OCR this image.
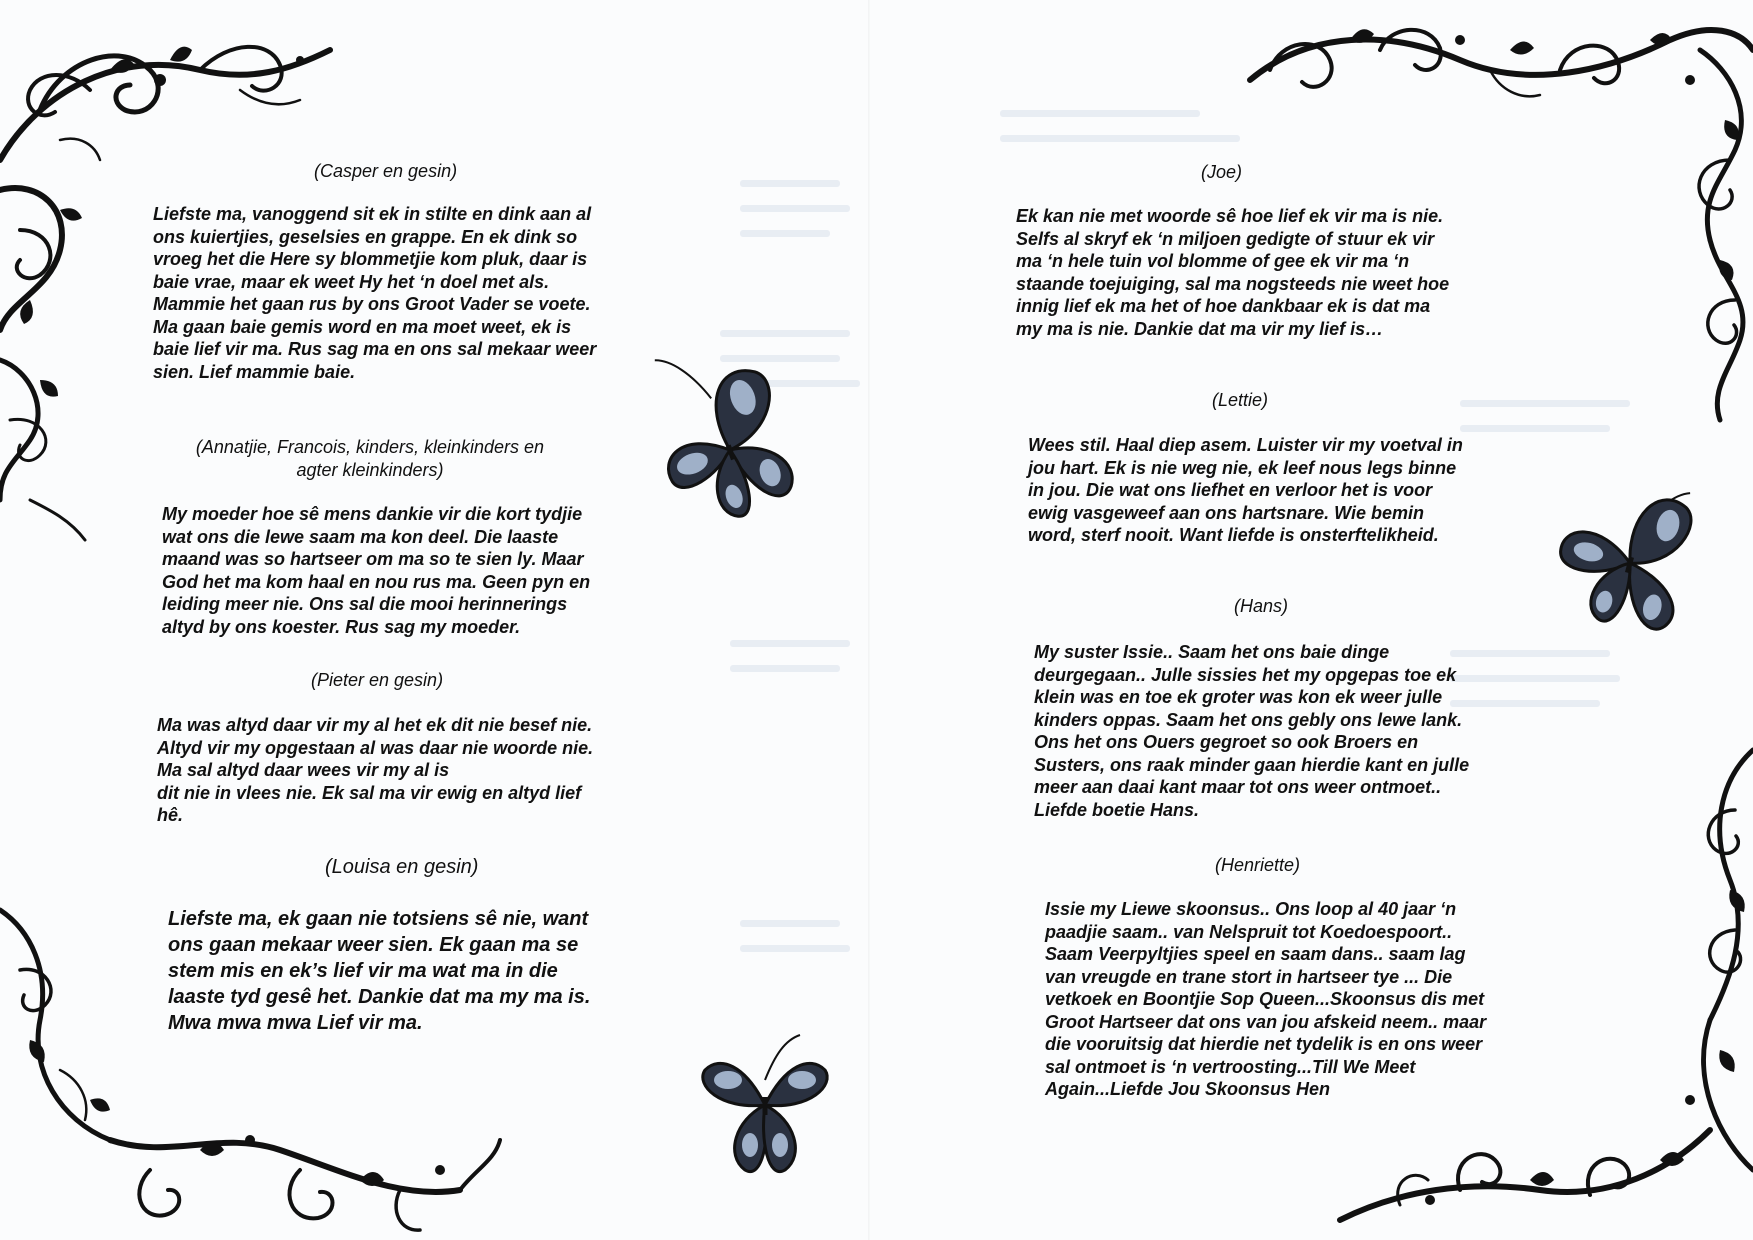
(Casper en gesin)

Liefste ma, vanoggend sit ek in stilte en dink aan al
ons kuiertjies, geselsies en grappe. En ek dink so
vroeg het die Here sy blommetjie kom pluk, daar is
baie vrae, maar ek weet Hy het ‘n doel met als.
Mammie het gaan rus by ons Groot Vader se voete.
Ma gaan baie gemis word en ma moet weet, ek is
baie lief vir ma. Rus sag ma en ons sal mekaar weer
sien. Lief mammie baie.

(Annatjie, Francois, kinders, kleinkinders en
agter kleinkinders)

My moeder hoe sê mens dankie vir die kort tydjie
wat ons die lewe saam ma kon deel. Die laaste
maand was so hartseer om ma so te sien ly. Maar
God het ma kom haal en nou rus ma. Geen pyn en
leiding meer nie. Ons sal die mooi herinnerings
altyd by ons koester. Rus sag my moeder.

(Pieter en gesin)

Ma was altyd daar vir my al het ek dit nie besef nie.
Altyd vir my opgestaan al was daar nie woorde nie.
Ma sal altyd daar wees vir my al is
dit nie in vlees nie. Ek sal ma vir ewig en altyd lief
hê.

(Louisa en gesin)

Liefste ma, ek gaan nie totsiens sê nie, want
ons gaan mekaar weer sien. Ek gaan ma se
stem mis en ek’s lief vir ma wat ma in die
laaste tyd gesê het. Dankie dat ma my ma is.
Mwa mwa mwa Lief vir ma.

(Joe)

Ek kan nie met woorde sê hoe lief ek vir ma is nie.
Selfs al skryf ek ‘n miljoen gedigte of stuur ek vir
ma ‘n hele tuin vol blomme of gee ek vir ma ‘n
staande toejuiging, sal ma nogsteeds nie weet hoe
innig lief ek ma het of hoe dankbaar ek is dat ma
my ma is nie. Dankie dat ma vir my lief is…

(Lettie)

Wees stil. Haal diep asem. Luister vir my voetval in
jou hart. Ek is nie weg nie, ek leef nous legs binne
in jou. Die wat ons liefhet en verloor het is voor
ewig vasgeweef aan ons hartsnare. Wie bemin
word, sterf nooit. Want liefde is onsterftelikheid.

(Hans)

My suster Issie.. Saam het ons baie dinge
deurgegaan.. Julle sissies het my opgepas toe ek
klein was en toe ek groter was kon ek weer julle
kinders oppas. Saam het ons gebly ons lewe lank.
Ons het ons Ouers gegroet so ook Broers en
Susters, ons raak minder gaan hierdie kant en julle
meer aan daai kant maar tot ons weer ontmoet..
Liefde boetie Hans.

(Henriette)

Issie my Liewe skoonsus.. Ons loop al 40 jaar ‘n
paadjie saam.. van Nelspruit tot Koedoespoort..
Saam Veerpyltjies speel en saam dans.. saam lag
van vreugde en trane stort in hartseer tye ... Die
vetkoek en Boontjie Sop Queen...Skoonsus dis met
Groot Hartseer dat ons van jou afskeid neem.. maar
die vooruitsig dat hierdie net tydelik is en ons weer
sal ontmoet is ‘n vertroosting...Till We Meet
Again...Liefde Jou Skoonsus Hen
